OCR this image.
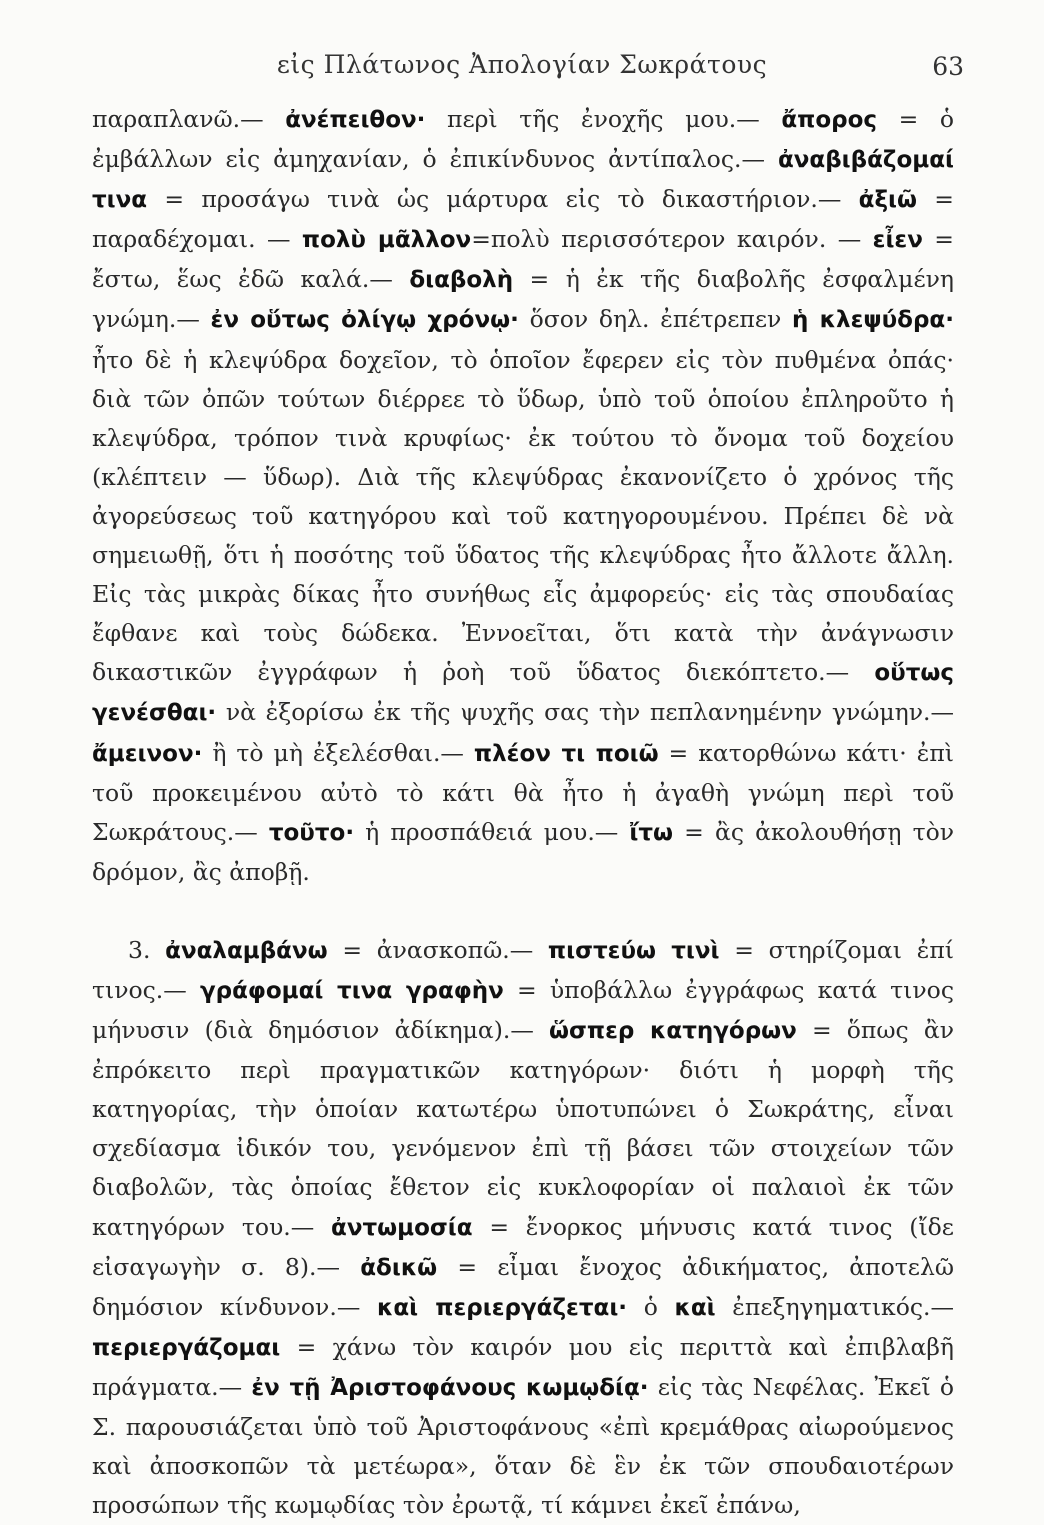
εἰς Πλάτωνος Ἀπολογίαν Σωκράτους	63

παραπλανῶ.— ἀνέπειθον· περὶ τῆς ἐνοχῆς μου.— ἄπορος = ὁ ἐμβάλλων εἰς ἀμηχανίαν, ὁ ἐπικίνδυνος ἀντίπαλος.— ἀναβιβάζομαί τινα = προσάγω τινὰ ὡς μάρτυρα εἰς τὸ δικαστήριον.— ἀξιῶ = παραδέχομαι. — πολὺ μᾶλλον=πολὺ περισσότερον καιρόν. — εἶεν = ἔστω, ἕως ἐδῶ καλά.— διαβολὴ = ἡ ἐκ τῆς διαβολῆς ἐσφαλμένη γνώμη.— ἐν οὕτως ὀλίγῳ χρόνῳ· ὅσον δηλ. ἐπέτρεπεν ἡ κλεψύδρα· ἦτο δὲ ἡ κλεψύδρα δοχεῖον, τὸ ὁποῖον ἔφερεν εἰς τὸν πυθμένα ὀπάς· διὰ τῶν ὀπῶν τούτων διέρρεε τὸ ὕδωρ, ὑπὸ τοῦ ὁποίου ἐπληροῦτο ἡ κλεψύδρα, τρόπον τινὰ κρυφίως· ἐκ τούτου τὸ ὄνομα τοῦ δοχείου (κλέπτειν — ὕδωρ). Διὰ τῆς κλεψύδρας ἐκανονίζετο ὁ χρόνος τῆς ἀγορεύσεως τοῦ κατηγόρου καὶ τοῦ κατηγορουμένου. Πρέπει δὲ νὰ σημειωθῇ, ὅτι ἡ ποσότης τοῦ ὕδατος τῆς κλεψύδρας ἦτο ἄλλοτε ἄλλη. Εἰς τὰς μικρὰς δίκας ἦτο συνήθως εἷς ἀμφορεύς· εἰς τὰς σπουδαίας ἔφθανε καὶ τοὺς δώδεκα. Ἐννοεῖται, ὅτι κατὰ τὴν ἀνάγνωσιν δικαστικῶν ἐγγράφων ἡ ῥοὴ τοῦ ὕδατος διεκόπτετο.— οὕτως γενέσθαι· νὰ ἐξορίσω ἐκ τῆς ψυχῆς σας τὴν πεπλανημένην γνώμην.— ἄμεινον· ἢ τὸ μὴ ἐξελέσθαι.— πλέον τι ποιῶ = κατορθώνω κάτι· ἐπὶ τοῦ προκειμένου αὐτὸ τὸ κάτι θὰ ἦτο ἡ ἀγαθὴ γνώμη περὶ τοῦ Σωκράτους.— τοῦτο· ἡ προσπάθειά μου.— ἴτω = ἂς ἀκολουθήσῃ τὸν δρόμον, ἂς ἀποβῇ.

3. ἀναλαμβάνω = ἀνασκοπῶ.— πιστεύω τινὶ = στηρίζομαι ἐπί τινος.— γράφομαί τινα γραφὴν = ὑποβάλλω ἐγγράφως κατά τινος μήνυσιν (διὰ δημόσιον ἀδίκημα).— ὥσπερ κατηγόρων = ὅπως ἂν ἐπρόκειτο περὶ πραγματικῶν κατηγόρων· διότι ἡ μορφὴ τῆς κατηγορίας, τὴν ὁποίαν κατωτέρω ὑποτυπώνει ὁ Σωκράτης, εἶναι σχεδίασμα ἰδικόν του, γενόμενον ἐπὶ τῇ βάσει τῶν στοιχείων τῶν διαβολῶν, τὰς ὁποίας ἔθετον εἰς κυκλοφορίαν οἱ παλαιοὶ ἐκ τῶν κατηγόρων του.— ἀντωμοσία = ἔνορκος μήνυσις κατά τινος (ἴδε εἰσαγωγὴν σ. 8).— ἀδικῶ = εἶμαι ἔνοχος ἀδικήματος, ἀποτελῶ δημόσιον κίνδυνον.— καὶ περιεργάζεται· ὁ καὶ ἐπεξηγηματικός.— περιεργάζομαι = χάνω τὸν καιρόν μου εἰς περιττὰ καὶ ἐπιβλαβῆ πράγματα.— ἐν τῇ Ἀριστοφάνους κωμῳδίᾳ· εἰς τὰς Νεφέλας. Ἐκεῖ ὁ Σ. παρουσιάζεται ὑπὸ τοῦ Ἀριστοφάνους «ἐπὶ κρεμάθρας αἰωρούμενος καὶ ἀποσκοπῶν τὰ μετέωρα», ὅταν δὲ ἓν ἐκ τῶν σπουδαιοτέρων προσώπων τῆς κωμῳδίας τὸν ἐρωτᾷ, τί κάμνει ἐκεῖ ἐπάνω,
